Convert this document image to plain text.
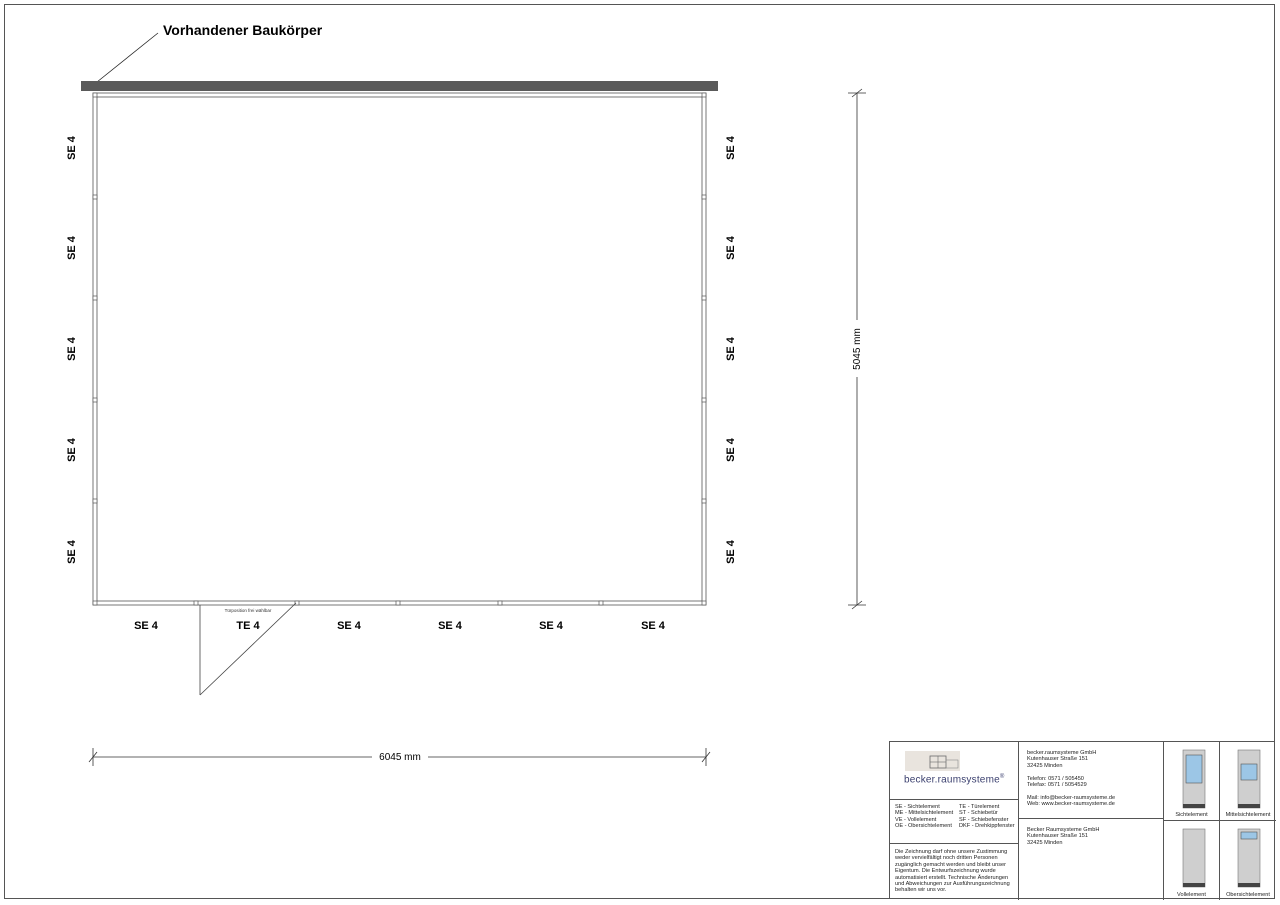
SE 4
SE 4
SE 4
SE 4
SE 4
SE 4
SE 4
SE 4
SE 4
SE 4
SE 4	TE 4	SE 4	SE 4	SE 4	SE 4
Türposition frei wählbar
6045 mm
5045 mm
Vorhandener Baukörper
becker.raumsysteme®
SE - Sichtelement	TE - Türelement
ME - Mittelsichtelement	ST - Schiebetür
VE - Vollelement	SF - Schiebefenster
OE - Obersichtelement	DKF - Drehkippfenster
Die Zeichnung darf ohne unsere Zustimmung
weder vervielfältigt noch dritten Personen
zugänglich gemacht werden und bleibt unser
Eigentum. Die Entwurfszeichnung wurde
automatisiert erstellt. Technische Änderungen
und Abweichungen zur Ausführungszeichnung
behalten wir uns vor.
becker.raumsysteme GmbH
Kutenhauser Straße 151
32425 Minden

Telefon: 0571 / 505450
Telefax: 0571 / 5054529

Mail: info@becker-raumsysteme.de
Web: www.becker-raumsysteme.de
Becker Raumsysteme GmbH
Kutenhauser Straße 151
32425 Minden
Sichtelement	Mittelsichtelement
Vollelement	Obersichtelement
